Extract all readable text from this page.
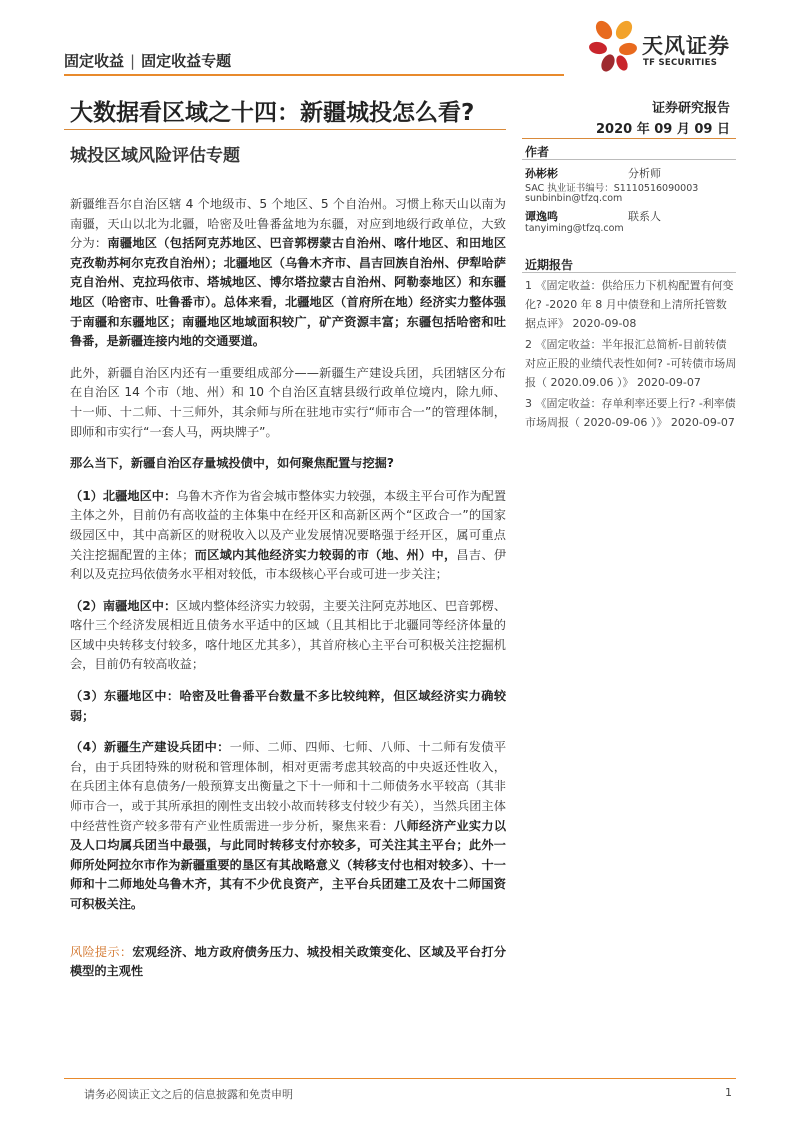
固定收益 | 固定收益专题
天风证券
TF SECURITIES
大数据看区域之十四：新疆城投怎么看?
城投区域风险评估专题
证券研究报告
2020 年 09 月 09 日
作者
孙彬彬	分析师
SAC 执业证书编号：S1110516090003
sunbinbin@tfzq.com
谭逸鸣	联系人
tanyiming@tfzq.com
近期报告
1 《固定收益：供给压力下机构配置有何变化? -2020 年 8 月中债登和上清所托管数据点评》 2020-09-08
2 《固定收益：半年报汇总简析-目前转债对应正股的业绩代表性如何? -可转债市场周报（ 2020.09.06 ）》 2020-09-07
3 《固定收益：存单利率还要上行? -利率债市场周报（ 2020-09-06 ）》 2020-09-07

新疆维吾尔自治区辖 4 个地级市、5 个地区、5 个自治州。习惯上称天山以南为南疆，天山以北为北疆，哈密及吐鲁番盆地为东疆，对应到地级行政单位，大致分为：南疆地区（包括阿克苏地区、巴音郭楞蒙古自治州、喀什地区、和田地区克孜勒苏柯尔克孜自治州）；北疆地区（乌鲁木齐市、昌吉回族自治州、伊犁哈萨克自治州、克拉玛依市、塔城地区、博尔塔拉蒙古自治州、阿勒泰地区）和东疆地区（哈密市、吐鲁番市）。总体来看，北疆地区（首府所在地）经济实力整体强于南疆和东疆地区；南疆地区地域面积较广，矿产资源丰富；东疆包括哈密和吐鲁番，是新疆连接内地的交通要道。

此外，新疆自治区内还有一重要组成部分——新疆生产建设兵团，兵团辖区分布在自治区 14 个市（地、州）和 10 个自治区直辖县级行政单位境内，除九师、十一师、十二师、十三师外，其余师与所在驻地市实行“师市合一”的管理体制，即师和市实行“一套人马，两块牌子”。

那么当下，新疆自治区存量城投债中，如何聚焦配置与挖掘?

（1）北疆地区中：乌鲁木齐作为省会城市整体实力较强，本级主平台可作为配置主体之外，目前仍有高收益的主体集中在经开区和高新区两个“区政合一”的国家级园区中，其中高新区的财税收入以及产业发展情况要略强于经开区，属可重点关注挖掘配置的主体；而区域内其他经济实力较弱的市（地、州）中，昌吉、伊利以及克拉玛依债务水平相对较低，市本级核心平台或可进一步关注；

（2）南疆地区中：区域内整体经济实力较弱，主要关注阿克苏地区、巴音郭楞、喀什三个经济发展相近且债务水平适中的区域（且其相比于北疆同等经济体量的区域中央转移支付较多，喀什地区尤其多），其首府核心主平台可积极关注挖掘机会，目前仍有较高收益；

（3）东疆地区中：哈密及吐鲁番平台数量不多比较纯粹，但区域经济实力确较弱；

（4）新疆生产建设兵团中：一师、二师、四师、七师、八师、十二师有发债平台，由于兵团特殊的财税和管理体制，相对更需考虑其较高的中央返还性收入，在兵团主体有息债务/一般预算支出衡量之下十一师和十二师债务水平较高（其非师市合一，或于其所承担的刚性支出较小故而转移支付较少有关），当然兵团主体中经营性资产较多带有产业性质需进一步分析，聚焦来看：八师经济产业实力以及人口均属兵团当中最强，与此同时转移支付亦较多，可关注其主平台；此外一师所处阿拉尔市作为新疆重要的垦区有其战略意义（转移支付也相对较多）、十一师和十二师地处乌鲁木齐，其有不少优良资产，主平台兵团建工及农十二师国资可积极关注。

风险提示：宏观经济、地方政府债务压力、城投相关政策变化、区域及平台打分模型的主观性

请务必阅读正文之后的信息披露和免责申明	1
